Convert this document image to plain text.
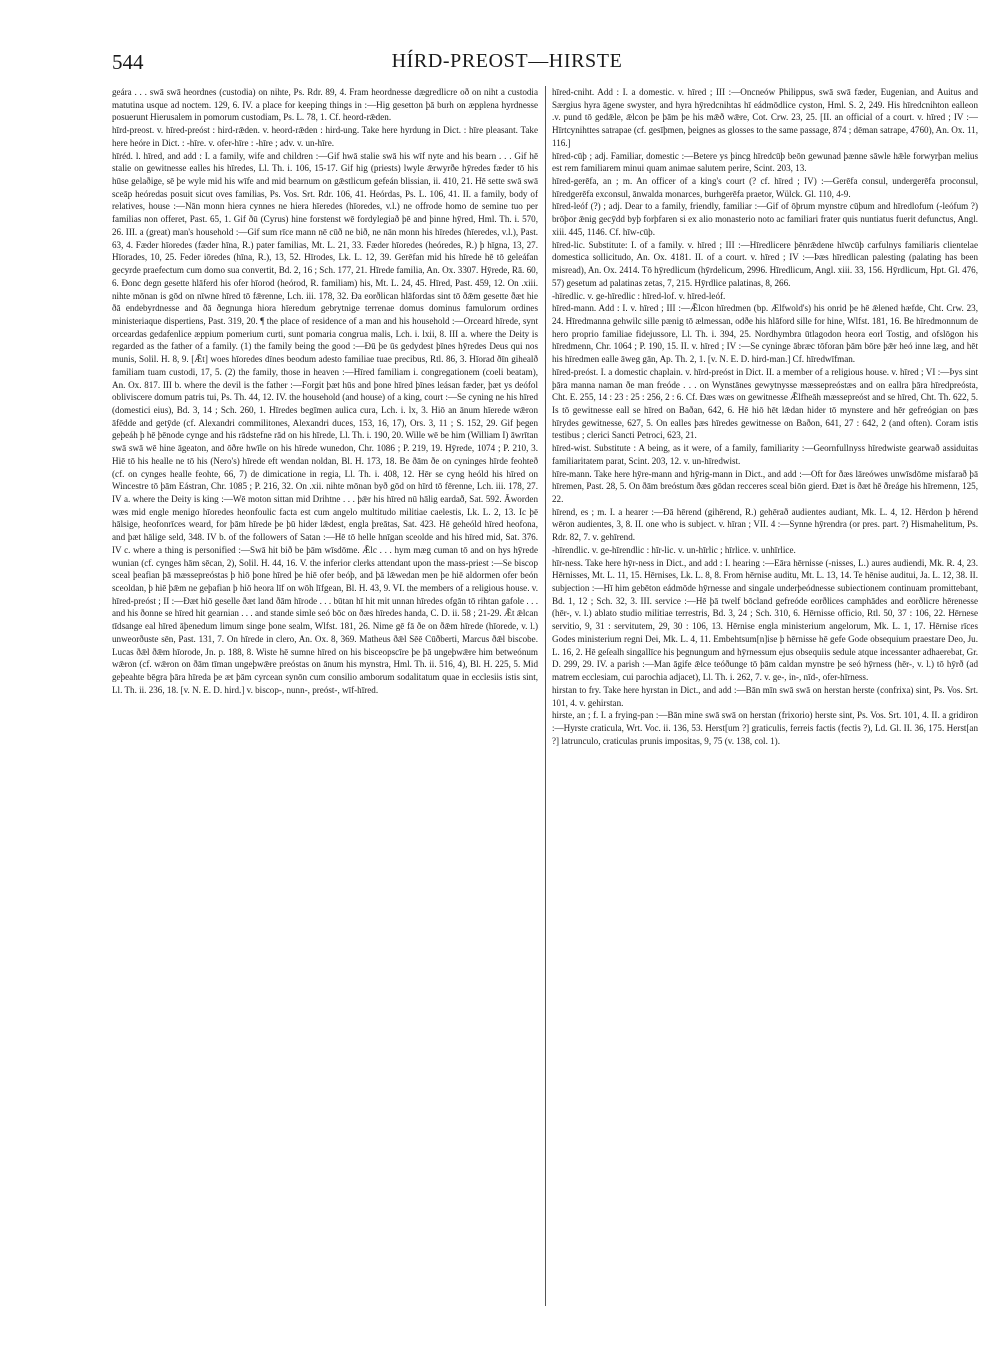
544	HÍRD-PREOST—HIRSTE

geára . . . swā swā heordnes (custodia) on nihte, Ps. Rdr. 89, 4. Fram heordnesse dægredlicre oð on niht a custodia matutina usque ad noctem. 129, 6. IV. a place for keeping things in :—Hig gesetton þā burh on æpplena hyrdnesse posuerunt Hierusalem in pomorum custodiam, Ps. L. 78, 1. Cf. heord-rǣden.

hīrd-preost. v. hīred-preóst : hird-rǣden. v. heord-rǣden : hird-ung. Take here hyrdung in Dict. : hīre pleasant. Take here heóre in Dict. : -hīre. v. ofer-hīre : -hīre ; adv. v. un-hīre.

hīréd. l. hīred, and add : I. a family, wife and children :—Gif hwā stalie swā his wīf nyte and his bearn . . . Gif hē stalie on gewitnesse ealles his hīredes, Ll. Th. i. 106, 15-17. Gif hig (priests) lwyle ǣrwyrðe hȳredes fæder tō his hūse gelaðige, sē þe wyle mid his wīfe and mid bearnum on gǣstlicum gefeán blissian, ii. 410, 21. Hē sette swā swā sceāp heóredas posuit sicut oves familias, Ps. Vos. Srt. Rdr. 106, 41. Heórdas, Ps. L. 106, 41. II. a family, body of relatives, house :—Nān monn hiera cynnes ne hiera hīeredes (hīoredes, v.l.) ne offrode homo de semine tuo per familias non offeret, Past. 65, 1. Gif ðū (Cyrus) hine forstenst wē fordylegiað þē and þinne hȳred, Hml. Th. i. 570, 26. III. a (great) man's household :—Gif sum rīce mann nē cūð ne bið, ne nān monn his hīredes (hīeredes, v.l.), Past. 63, 4. Fæder hīoredes (fæder hīna, R.) pater familias, Mt. L. 21, 33. Fæder hīoredes (heóredes, R.) þ hīgna, 13, 27. Hīorades, 10, 25. Feder iōredes (hīna, R.), 13, 52. Hīrodes, Lk. L. 12, 39. Gerēfan mid his hīrede hē tō geleáfan gecyrde praefectum cum domo sua convertit, Bd. 2, 16 ; Sch. 177, 21. Hīrede familia, An. Ox. 3307. Hȳrede, Rā. 60, 6. Ðonc degn gesette hlāferd his ofer hīorod (heórod, R. familiam) his, Mt. L. 24, 45. Hīred, Past. 459, 12. On .xiii. nihte mōnan is gōd on nīwne hīred tō fǣrenne, Lch. iii. 178, 32. Ða eorðlican hlāfordas sint tō ðǣm gesette ðæt hie ðā endebyrdnesse and ðā ðegnunga hiora hīeredum gebrytnige terrenae domus dominus famulorum ordines ministeriaque dispertiens, Past. 319, 20. ¶ the place of residence of a man and his household :—Orceard hīrede, synt orceardas gedafenlice æppium pomerium curti, sunt pomaria congrua malis, Lch. i. lxii, 8. III a. where the Deity is regarded as the father of a family. (1) the family being the good :—Ðū þe ūs gedydest þīnes hȳredes Deus qui nos munis, Solil. H. 8, 9. [Ǣt] woes hīoredes dīnes beodum adesto familiae tuae precibus, Rtl. 86, 3. Hīorad ðīn gihealð familiam tuam custodi, 17, 5. (2) the family, those in heaven :—Hīred familiam i. congregationem (coeli beatam), An. Ox. 817. III b. where the devil is the father :—Forgit þæt hūs and þone hīred þīnes leásan fæder, þæt ys deófol obliviscere domum patris tui, Ps. Th. 44, 12. IV. the household (and house) of a king, court :—Se cyning ne his hīred (domestici eius), Bd. 3, 14 ; Sch. 260, 1. Hīredes begīmen aulica cura, Lch. i. lx, 3. Hiō an ānum hīerede wǣron āfēdde and getȳde (cf. Alexandri commilitones, Alexandri duces, 153, 16, 17), Ors. 3, 11 ; S. 152, 29. Gif þegen geþeáh þ hē þēnode cynge and his rādstefne rād on his hīrede, Ll. Th. i. 190, 20. Wille wē be him (William I) āwrītan swā swā wē hine āgeaton, and ōðre hwīle on his hīrede wunedon, Chr. 1086 ; P. 219, 19. Hȳrede, 1074 ; P. 210, 3. Hiē tō his healle ne tō his (Nero's) hīrede eft wendan noldan, Bl. H. 173, 18. Be ðām ðe on cyninges hīrde feohteð (cf. on cynges healle feohte, 66, 7) de dimicatione in regia, Ll. Th. i. 408, 12. Hēr se cyng heóld his hīred on Wincestre tō þām Eástran, Chr. 1085 ; P. 216, 32. On .xii. nihte mōnan byð gōd on hīrd tō fērenne, Lch. iii. 178, 27. IV a. where the Deity is king :—Wē moton sittan mid Drihtne . . . þǣr his hīred nū hālig eardað, Sat. 592. Āworden wæs mid engle menigo hīoredes heonfoulic facta est cum angelo multitudo militiae caelestis, Lk. L. 2, 13. Ic þē hālsige, heofonrīces weard, for þām hīrede þe þū hider lǣdest, engla þreātas, Sat. 423. Hē geheóld hīred heofona, and þæt hālige seld, 348. IV b. of the followers of Satan :—Hē tō helle hnīgan sceolde and his hīred mid, Sat. 376. IV c. where a thing is personified :—Swā hit bið be þām wīsdōme. Ǣlc . . . hym mæg cuman tō and on hys hȳrede wunian (cf. cynges hām sēcan, 2), Solil. H. 44, 16. V. the inferior clerks attendant upon the mass-priest :—Se biscop sceal þeafian þā mæssepreóstas þ hiō þone hīred þe hiē ofer beóþ, and þā lǣwedan men þe hiē aldormen ofer beón sceoldan, þ hiē þǣm ne geþafian þ hiō heora līf on wōh līfgean, Bl. H. 43, 9. VI. the members of a religious house. v. hīred-preóst ; II :—Ðæt hiō geselle ðæt land ðām hīrode . . . būtan hī hit mit unnan hīredes ofgān tō rihtan gafole . . . and his ðonne se hīred hit gearnian . . . and stande simle seó bōc on ðæs hīredes handa, C. D. ii. 58 ; 21-29. Ǣt ǣlcan tīdsange eal hīred āþenedum limum singe þone sealm, Wlfst. 181, 26. Nime gē fā ðe on ðǣm hīrede (hīorede, v. l.) unweorðuste sēn, Past. 131, 7. On hīrede in clero, An. Ox. 8, 369. Matheus ðǣl Sēē Cūðberti, Marcus ðǣl biscobe. Lucas ðǣl ðǣm hīorode, Jn. p. 188, 8. Wiste hē sumne hīred on his bisceopscīre þe þā ungeþwǣre him betweónum wǣron (cf. wǣron on ðām tīman ungeþwǣre preóstas on ānum his mynstra, Hml. Th. ii. 516, 4), Bl. H. 225, 5. Mid geþeahte bēgra þāra hīreda þe æt þām cyrcean synōn cum consilio amborum sodalitatum quae in ecclesiis istis sint, Ll. Th. ii. 236, 18. [v. N. E. D. hird.] v. biscop-, nunn-, preóst-, wīf-hīred.

hīred-cniht. Add : I. a domestic. v. hīred ; III :—Oncneów Philippus, swā swā fæder, Eugenian, and Auitus and Særgius hyra āgene swyster, and hyra hȳredcnihtas hī eádmōdlice cyston, Hml. S. 2, 249. His hīredcnihton ealleon .v. pund tō gedǣle, ǣlcon þe þām þe his mǣð wǣre, Cot. Crw. 23, 25. [II. an official of a court. v. hīred ; IV :—Hīrtcynihttes satrapae (cf. gesīþmen, þeignes as glosses to the same passage, 874 ; dēman satrape, 4760), An. Ox. 11, 116.]

hīred-cūþ ; adj. Familiar, domestic :—Betere ys þincg hīredcūþ beōn gewunad þænne sāwle hǣle forwyrþan melius est rem familiarem minui quam animae salutem perire, Scint. 203, 13.

hīred-gerēfa, an ; m. An officer of a king's court (? cf. hīred ; IV) :—Gerēfa consul, undergerēfa proconsul, hīredgerēfa exconsul, ānwalda monarces, burhgerēfa praetor, Wülck. Gl. 110, 4-9.

hīred-leóf (?) ; adj. Dear to a family, friendly, familiar :—Gif of ōþrum mynstre cūþum and hīredlofum (-leófum ?) brōþor ǣnig gecȳdd byþ forþfaren si ex alio monasterio noto ac familiari frater quis nuntiatus fuerit defunctus, Angl. xiii. 445, 1146. Cf. hīw-cūþ.

hīred-lic. Substitute: I. of a family. v. hīred ; III :—Hīredlicere þēnrǣdene hīwcūþ carfulnys familiaris clientelae domestica sollicitudo, An. Ox. 4181. II. of a court. v. hīred ; IV :—Þæs hīredlican palesting (palating has been misread), An. Ox. 2414. Tō hȳredlicum (hȳrdelicum, 2996. Hīredlicum, Angl. xiii. 33, 156. Hȳrdlicum, Hpt. Gl. 476, 57) gesetum ad palatinas zetas, 7, 215. Hȳrdlice palatinas, 8, 266.

-hīredlic. v. ge-hīredlic : hīred-lof. v. hīred-leóf.

hīred-mann. Add : I. v. hīred ; III :—Ǣlcon hīredmen (bp. Ælfwold's) his onrid þe hē ǣlened hæfde, Cht. Crw. 23, 24. Hīredmanna gehwilc sille pænig tō ælmessan, odðe his hlāford sille for hine, Wlfst. 181, 16. Be hīredmonnum de hero proprio familiae fidejussore, Ll. Th. i. 394, 25. Nordhymbra ūtlagodon heora eorl Tostig, and ofslōgon his hīredmenn, Chr. 1064 ; P. 190, 15. II. v. hīred ; IV :—Se cyninge ābræc tōforan þām bōre þǣr heó inne læg, and hēt his hīredmen ealle āweg gān, Ap. Th. 2, 1. [v. N. E. D. hird-man.] Cf. hīredwīfman.

hīred-preóst. I. a domestic chaplain. v. hīrd-preóst in Dict. II. a member of a religious house. v. hīred ; VI :—Þys sint þāra manna naman ðe man freóde . . . on Wynstānes gewytnysse mæssepreóstæs and on eallra þāra hīredpreósta, Cht. E. 255, 14 : 23 : 25 : 256, 2 : 6. Cf. Ðæs wæs on gewitnesse Ǣlfheāh mæssepreóst and se hīred, Cht. Th. 622, 5. Is tō gewitnesse eall se hīred on Baðan, 642, 6. Hē hiō hēt lǣdan hider tō mynstere and hēr gefreógian on þæs hīrydes gewitnesse, 627, 5. On ealles þæs hīredes gewitnesse on Baðon, 641, 27 : 642, 2 (and often). Coram istis testibus ; clerici Sancti Petroci, 623, 21.

hīred-wist. Substitute : A being, as it were, of a family, familiarity :—Geornfullnyss hīredwiste gearwað assiduitas familiaritatem parat, Scint. 203, 12. v. un-hīredwist.

hīre-mann. Take here hȳre-mann and hȳrig-mann in Dict., and add :—Oft for ðæs lāreówes unwīsdōme misfarað þā hīremen, Past. 28, 5. On ðām breóstum ðæs gōdan recceres sceal biōn gierd. Ðæt is ðæt hē ðreáge his hīremenn, 125, 22.

hīrend, es ; m. I. a hearer :—Ðā hērend (gihērend, R.) gehērað audientes audiant, Mk. L. 4, 12. Hērdon þ hērend wēron audientes, 3, 8. II. one who is subject. v. hīran ; VII. 4 :—Synne hȳrendra (or pres. part. ?) Hismahelitum, Ps. Rdr. 82, 7. v. gehīrend.

-hīrendlic. v. ge-hīrendlic : hīr-lic. v. un-hīrlic ; hīrlice. v. unhīrlice.

hīr-ness. Take here hȳr-ness in Dict., and add : I. hearing :—Eāra hērnisse (-nisses, L.) aures audiendi, Mk. R. 4, 23. Hērnisses, Mt. L. 11, 15. Hērnises, Lk. L. 8, 8. From hērnise auditu, Mt. L. 13, 14. Te hēnise auditui, Ja. L. 12, 38. II. subjection :—Hī him gebēton eádmōde hȳrnesse and singale underþeódnesse subiectionem continuam promittebant, Bd. 1, 12 ; Sch. 32, 3. III. service :—Hē þā twelf bōcland gefreóde eorðlices camphādes and eorðlicre hērenesse (hēr-, v. l.) ablato studio militiae terrestris, Bd. 3, 24 ; Sch. 310, 6. Hērnisse officio, Rtl. 50, 37 : 106, 22. Hērnese servitio, 9, 31 : servitutem, 29, 30 : 106, 13. Hērnise engla ministerium angelorum, Mk. L. 1, 17. Hērnise rīces Godes ministerium regni Dei, Mk. L. 4, 11. Embehtsum[n]ise þ hērnisse hē gefe Gode obsequium praestare Deo, Ju. L. 16, 2. Hē geſealh singallīce his þegnungum and hȳrnessum ejus obsequiis sedule atque incessanter adhaerebat, Gr. D. 299, 29. IV. a parish :—Man āgife ǣlce teóðunge tō þām caldan mynstre þe seó hȳrness (hēr-, v. l.) tō hȳrð (ad matrem ecclesiam, cui parochia adjacet), Ll. Th. i. 262, 7. v. ge-, in-, nīd-, ofer-hīrness.

hirstan to fry. Take here hyrstan in Dict., and add :—Bān mīn swā swā on herstan herste (confrixa) sint, Ps. Vos. Srt. 101, 4. v. gehirstan.

hirste, an ; f. I. a frying-pan :—Bān mine swā swā on herstan (frixorio) herste sint, Ps. Vos. Srt. 101, 4. II. a gridiron :—Hyrste craticula, Wrt. Voc. ii. 136, 53. Herst[um ?] graticulis, ferreis factis (fectis ?), Ld. Gl. II. 36, 175. Herst[an ?] latrunculo, craticulas prunis impositas, 9, 75 (v. 138, col. 1).
